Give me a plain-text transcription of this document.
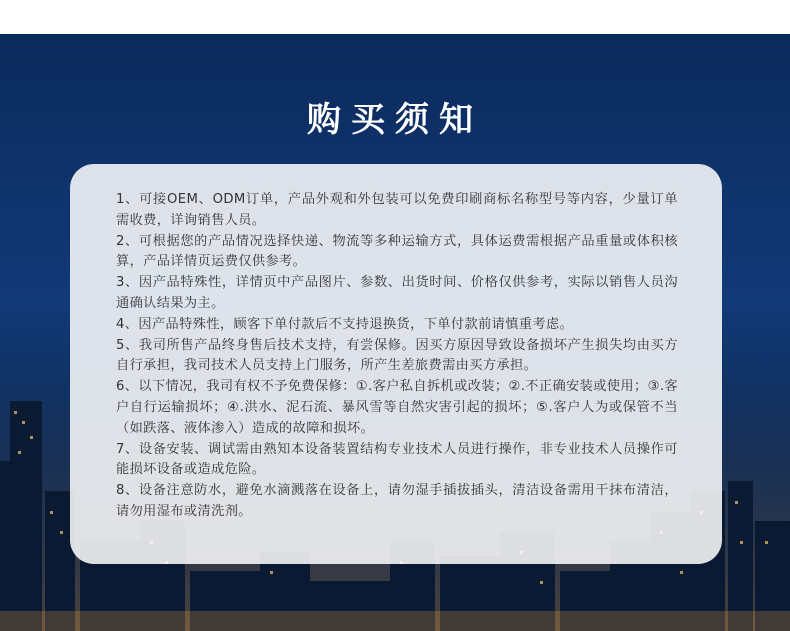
购买须知

1、可接OEM、ODM订单，产品外观和外包装可以免费印刷商标名称型号等内容，少量订单需收费，详询销售人员。

2、可根据您的产品情况选择快递、物流等多种运输方式，具体运费需根据产品重量或体积核算，产品详情页运费仅供参考。

3、因产品特殊性，详情页中产品图片、参数、出货时间、价格仅供参考，实际以销售人员沟通确认结果为主。

4、因产品特殊性，顾客下单付款后不支持退换货，下单付款前请慎重考虑。

5、我司所售产品终身售后技术支持，有尝保修。因买方原因导致设备损坏产生损失均由买方自行承担，我司技术人员支持上门服务，所产生差旅费需由买方承担。

6、以下情况，我司有权不予免费保修：①.客户私自拆机或改装；②.不正确安装或使用；③.客户自行运输损坏；④.洪水、泥石流、暴风雪等自然灾害引起的损坏；⑤.客户人为或保管不当（如跌落、液体渗入）造成的故障和损坏。

7、设备安装、调试需由熟知本设备装置结构专业技术人员进行操作，非专业技术人员操作可能损坏设备或造成危险。

8、设备注意防水，避免水滴溅落在设备上，请勿湿手插拔插头，清洁设备需用干抹布清洁，请勿用湿布或清洗剂。
